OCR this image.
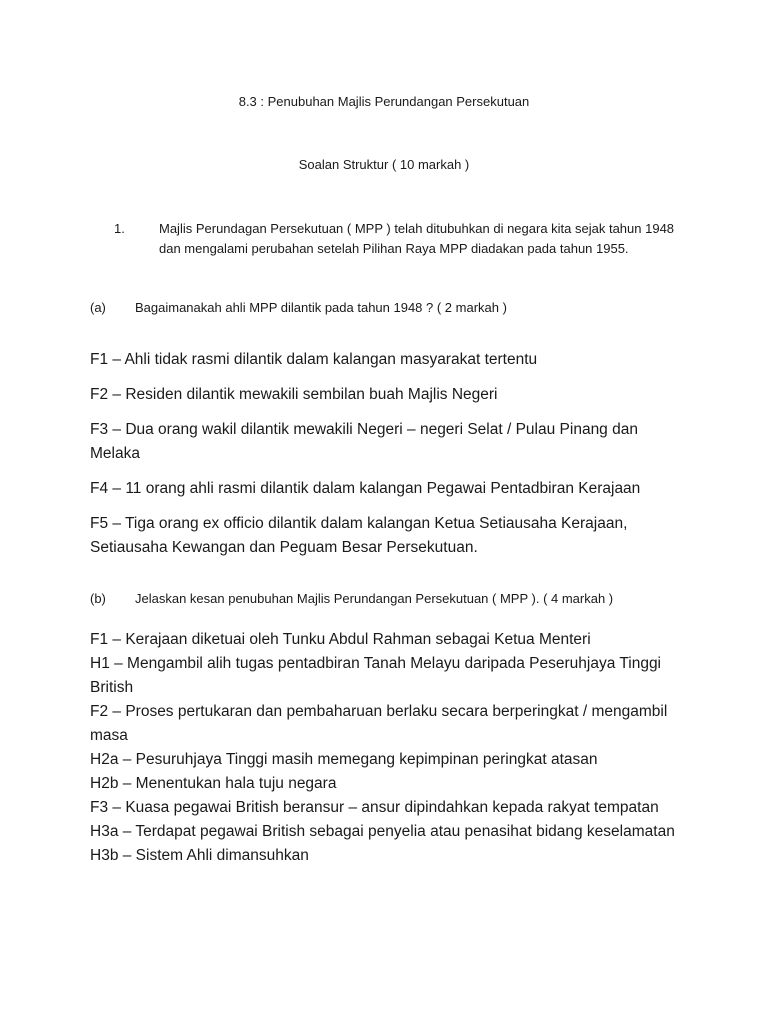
8.3 : Penubuhan Majlis Perundangan Persekutuan
Soalan Struktur ( 10 markah )
1.	Majlis Perundagan Persekutuan ( MPP ) telah ditubuhkan di negara kita sejak tahun 1948 dan mengalami perubahan setelah Pilihan Raya MPP diadakan pada tahun 1955.
(a) Bagaimanakah ahli MPP dilantik pada tahun 1948 ? ( 2 markah )
F1 – Ahli tidak rasmi dilantik dalam kalangan masyarakat tertentu
F2 – Residen dilantik mewakili sembilan buah Majlis Negeri
F3 – Dua orang wakil dilantik mewakili Negeri – negeri Selat / Pulau Pinang dan Melaka
F4 – 11 orang ahli rasmi dilantik dalam kalangan Pegawai Pentadbiran Kerajaan
F5 – Tiga orang ex officio dilantik dalam kalangan Ketua Setiausaha Kerajaan, Setiausaha Kewangan dan Peguam Besar Persekutuan.
(b) Jelaskan kesan penubuhan Majlis Perundangan Persekutuan ( MPP ). ( 4 markah )
F1 – Kerajaan diketuai oleh Tunku Abdul Rahman sebagai Ketua Menteri
H1 – Mengambil alih tugas pentadbiran Tanah Melayu daripada Peseruhjaya Tinggi British
F2 – Proses pertukaran dan pembaharuan berlaku secara berperingkat / mengambil masa
H2a – Pesuruhjaya Tinggi masih memegang kepimpinan peringkat atasan
H2b – Menentukan hala tuju negara
F3 – Kuasa pegawai British beransur – ansur dipindahkan kepada rakyat tempatan
H3a – Terdapat pegawai British sebagai penyelia atau penasihat bidang keselamatan
H3b – Sistem Ahli dimansuhkan
